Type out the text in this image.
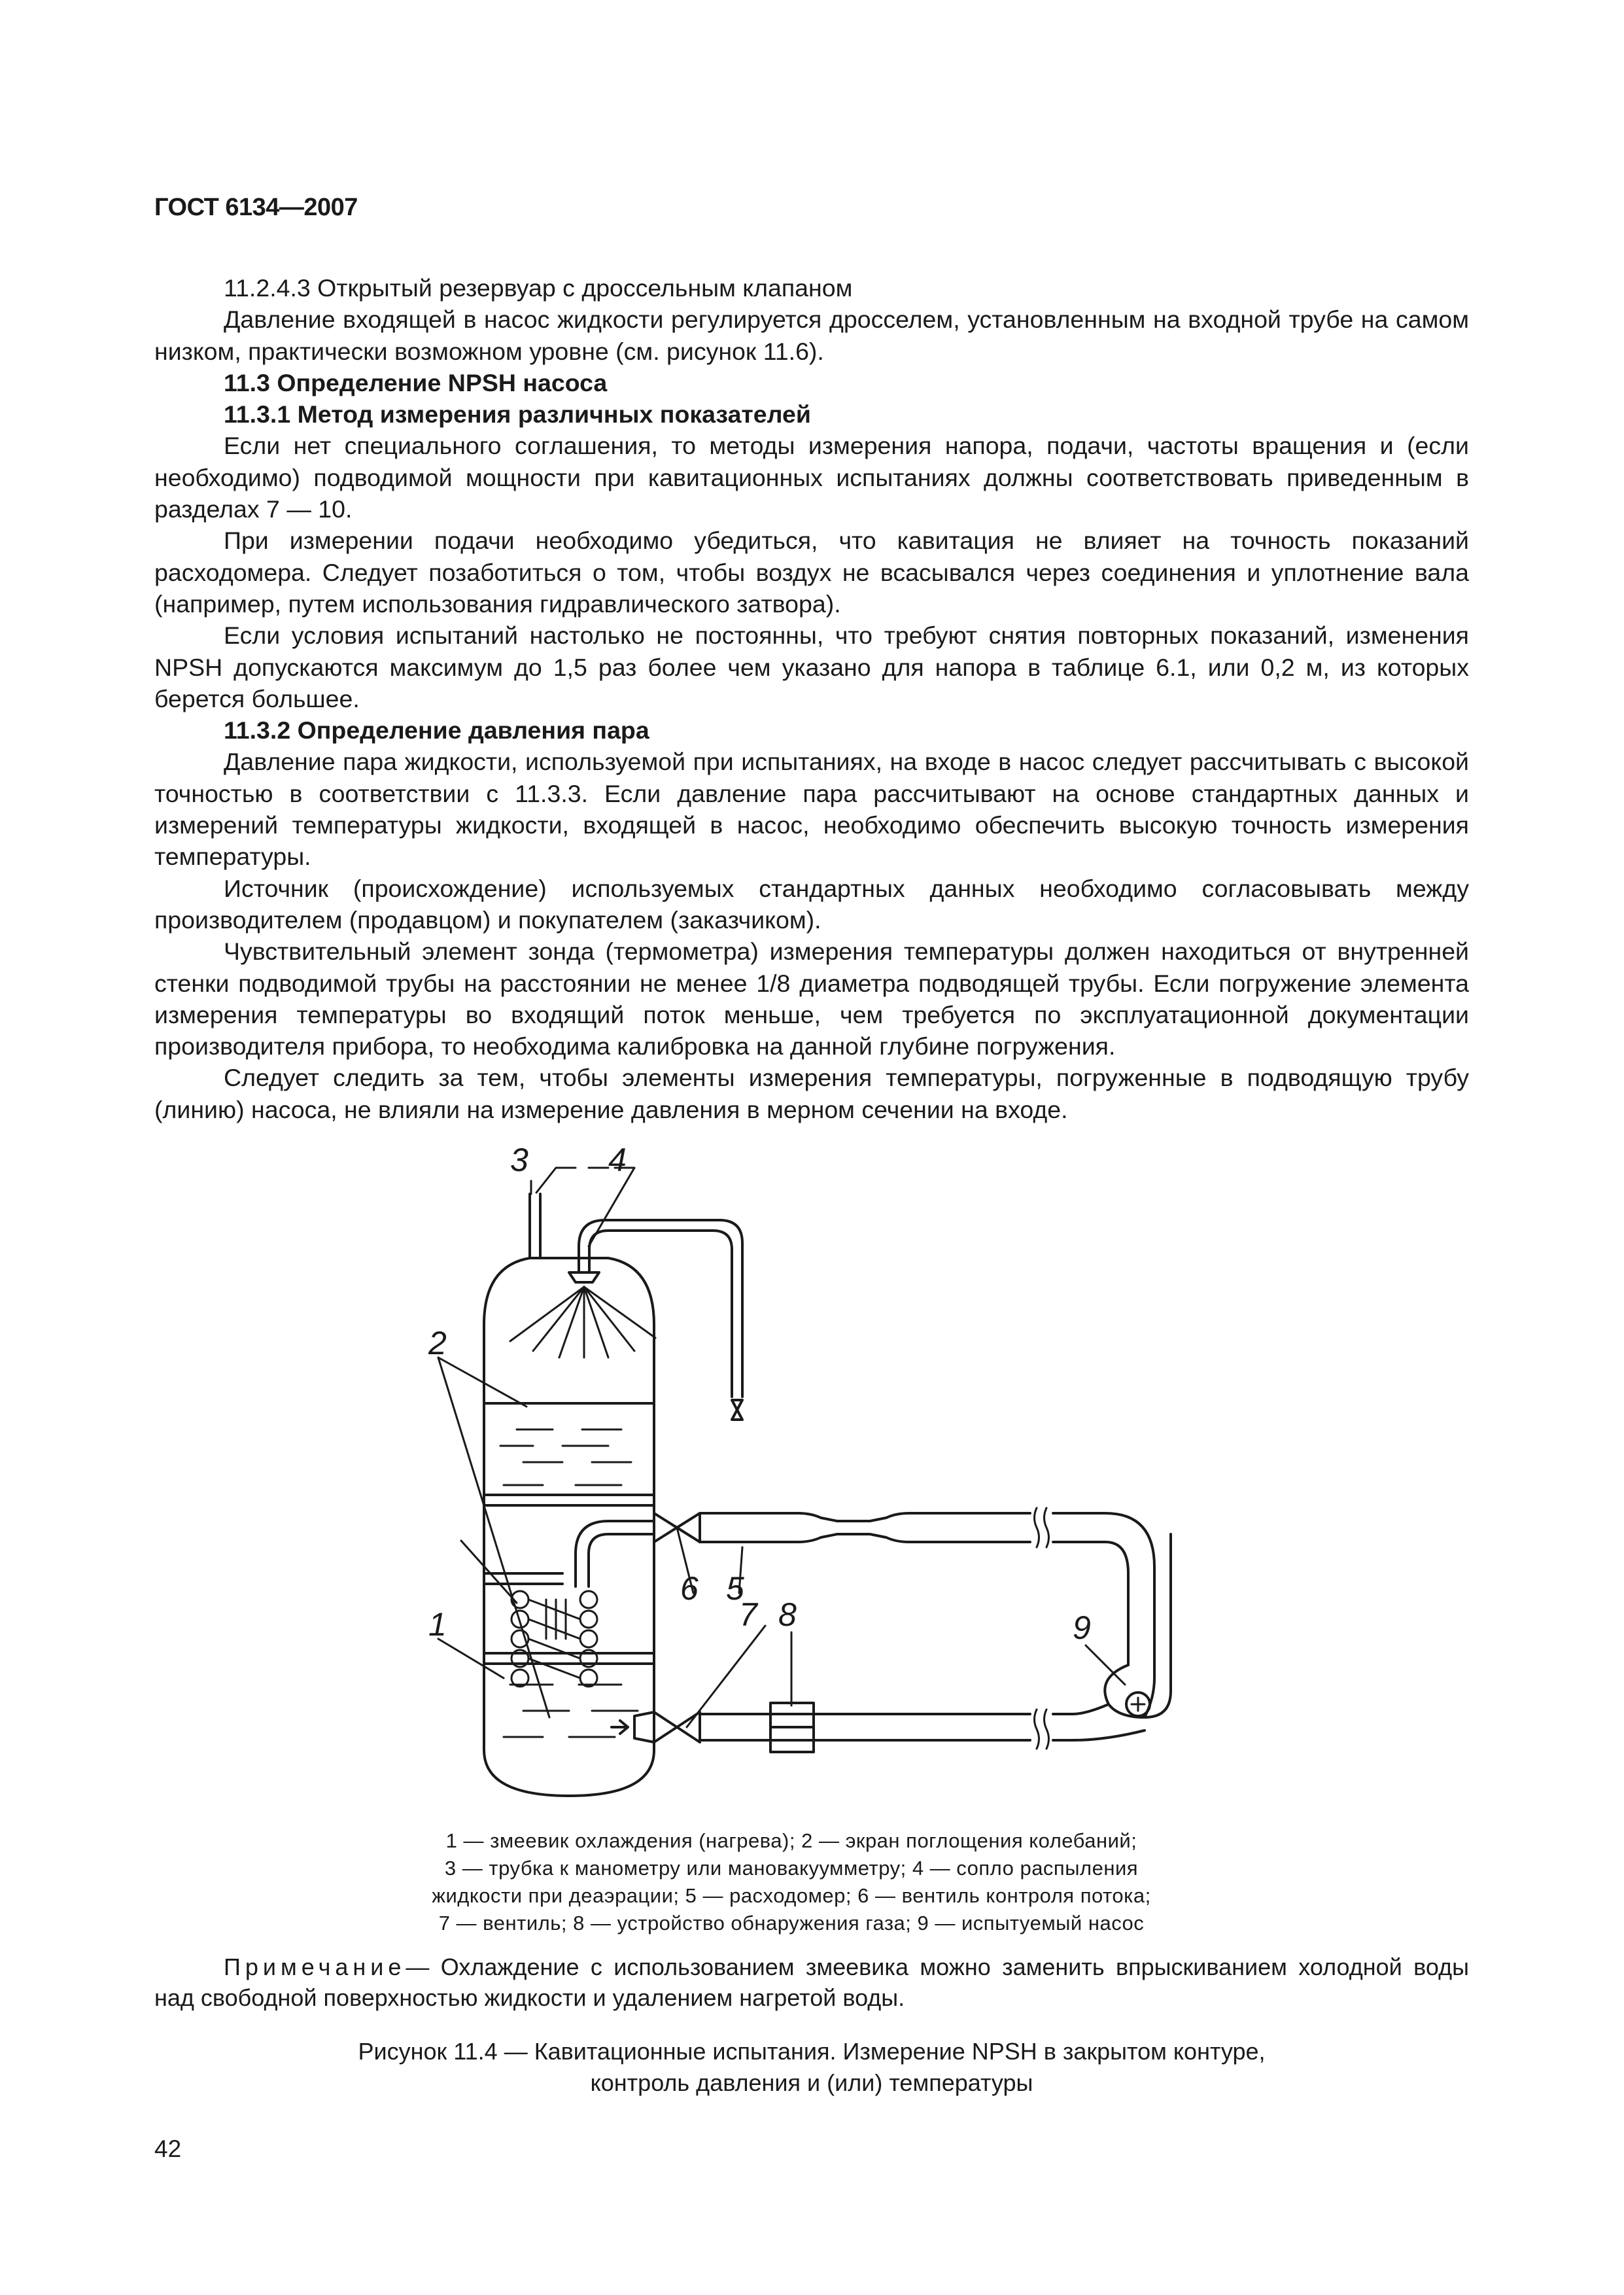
ГОСТ 6134—2007

11.2.4.3 Открытый резервуар с дроссельным клапаном

Давление входящей в насос жидкости регулируется дросселем, установленным на входной трубе на самом низком, практически возможном уровне (см. рисунок 11.6).

11.3 Определение NPSH насоса

11.3.1 Метод измерения различных показателей

Если нет специального соглашения, то методы измерения напора, подачи, частоты вращения и (если необходимо) подводимой мощности при кавитационных испытаниях должны соответствовать приведенным в разделах 7 — 10.

При измерении подачи необходимо убедиться, что кавитация не влияет на точность показаний расходомера. Следует позаботиться о том, чтобы воздух не всасывался через соединения и уплотнение вала (например, путем использования гидравлического затвора).

Если условия испытаний настолько не постоянны, что требуют снятия повторных показаний, изменения NPSH допускаются максимум до 1,5 раз более чем указано для напора в таблице 6.1, или 0,2 м, из которых берется большее.

11.3.2 Определение давления пара

Давление пара жидкости, используемой при испытаниях, на входе в насос следует рассчитывать с высокой точностью в соответствии с 11.3.3. Если давление пара рассчитывают на основе стандартных данных и измерений температуры жидкости, входящей в насос, необходимо обеспечить высокую точность измерения температуры.

Источник (происхождение) используемых стандартных данных необходимо согласовывать между производителем (продавцом) и покупателем (заказчиком).

Чувствительный элемент зонда (термометра) измерения температуры должен находиться от внутренней стенки подводимой трубы на расстоянии не менее 1/8 диаметра подводящей трубы. Если погружение элемента измерения температуры во входящий поток меньше, чем требуется по эксплуатационной документации производителя прибора, то необходима калибровка на данной глубине погружения.

Следует следить за тем, чтобы элементы измерения температуры, погруженные в подводящую трубу (линию) насоса, не влияли на измерение давления в мерном сечении на входе.

3 4
2
1
6 5
7 8	9
1 — змеевик охлаждения (нагрева); 2 — экран поглощения колебаний;
3 — трубка к манометру или мановакуумметру; 4 — сопло распыления
жидкости при деаэрации; 5 — расходомер; 6 — вентиль контроля потока;
7 — вентиль; 8 — устройство обнаружения газа; 9 — испытуемый насос
Примечание— Охлаждение с использованием змеевика можно заменить впрыскиванием холодной воды над свободной поверхностью жидкости и удалением нагретой воды.
Рисунок 11.4 — Кавитационные испытания. Измерение NPSH в закрытом контуре,
контроль давления и (или) температуры
42
